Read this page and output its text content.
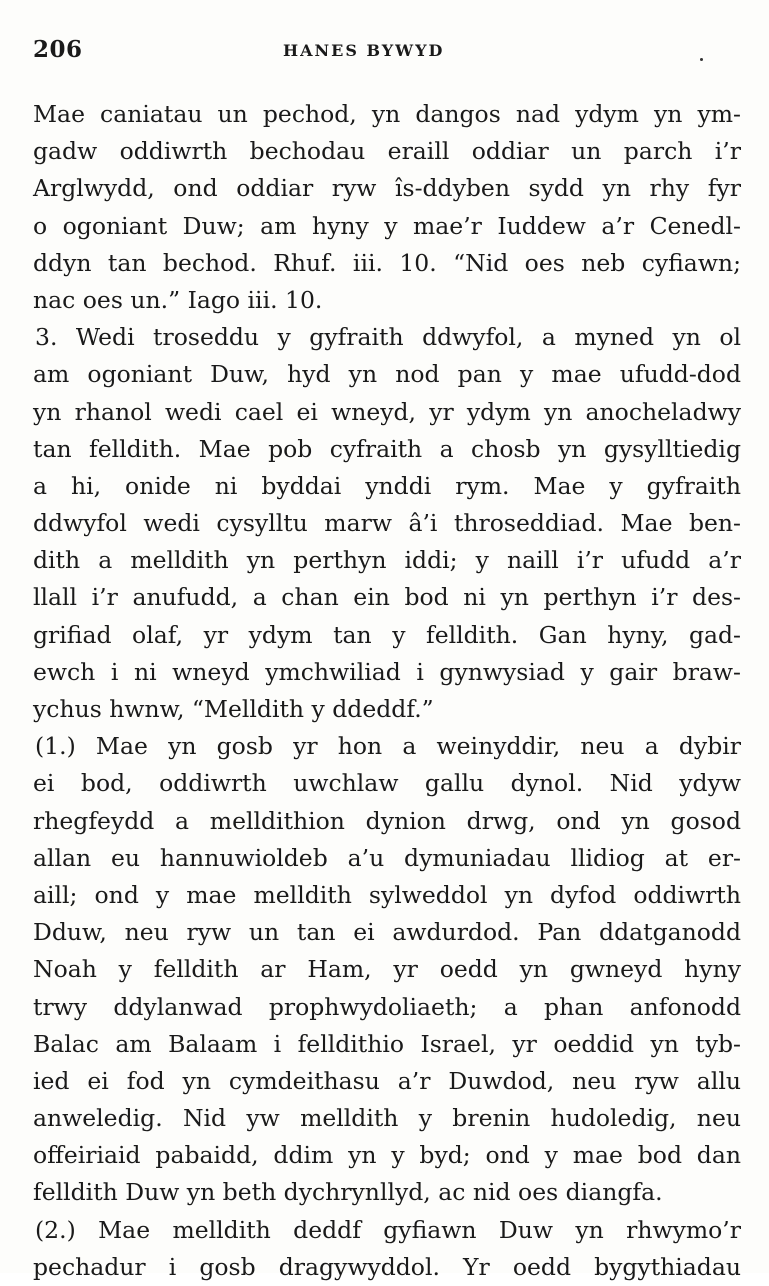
206	HANES BYWYD
Mae caniatau un pechod, yn dangos nad ydym yn ym-
gadw oddiwrth bechodau eraill oddiar un parch i’r
Arglwydd, ond oddiar ryw îs-ddyben sydd yn rhy fyr
o ogoniant Duw; am hyny y mae’r Iuddew a’r Cenedl-
ddyn tan bechod. Rhuf. iii. 10. “Nid oes neb cyfiawn;
nac oes un.” Iago iii. 10.
3. Wedi troseddu y gyfraith ddwyfol, a myned yn ol
am ogoniant Duw, hyd yn nod pan y mae ufudd-dod
yn rhanol wedi cael ei wneyd, yr ydym yn anocheladwy
tan felldith. Mae pob cyfraith a chosb yn gysylltiedig
a hi, onide ni byddai ynddi rym. Mae y gyfraith
ddwyfol wedi cysylltu marw â’i throseddiad. Mae ben-
dith a melldith yn perthyn iddi; y naill i’r ufudd a’r
llall i’r anufudd, a chan ein bod ni yn perthyn i’r des-
grifiad olaf, yr ydym tan y felldith. Gan hyny, gad-
ewch i ni wneyd ymchwiliad i gynwysiad y gair braw-
ychus hwnw, “Melldith y ddeddf.”
(1.) Mae yn gosb yr hon a weinyddir, neu a dybir
ei bod, oddiwrth uwchlaw gallu dynol. Nid ydyw
rhegfeydd a melldithion dynion drwg, ond yn gosod
allan eu hannuwioldeb a’u dymuniadau llidiog at er-
aill; ond y mae melldith sylweddol yn dyfod oddiwrth
Dduw, neu ryw un tan ei awdurdod. Pan ddatganodd
Noah y felldith ar Ham, yr oedd yn gwneyd hyny
trwy ddylanwad prophwydoliaeth; a phan anfonodd
Balac am Balaam i felldithio Israel, yr oeddid yn tyb-
ied ei fod yn cymdeithasu a’r Duwdod, neu ryw allu
anweledig. Nid yw melldith y brenin hudoledig, neu
offeiriaid pabaidd, ddim yn y byd; ond y mae bod dan
felldith Duw yn beth dychrynllyd, ac nid oes diangfa.
(2.) Mae melldith deddf gyfiawn Duw yn rhwymo’r
pechadur i gosb dragywyddol. Yr oedd bygythiadau
